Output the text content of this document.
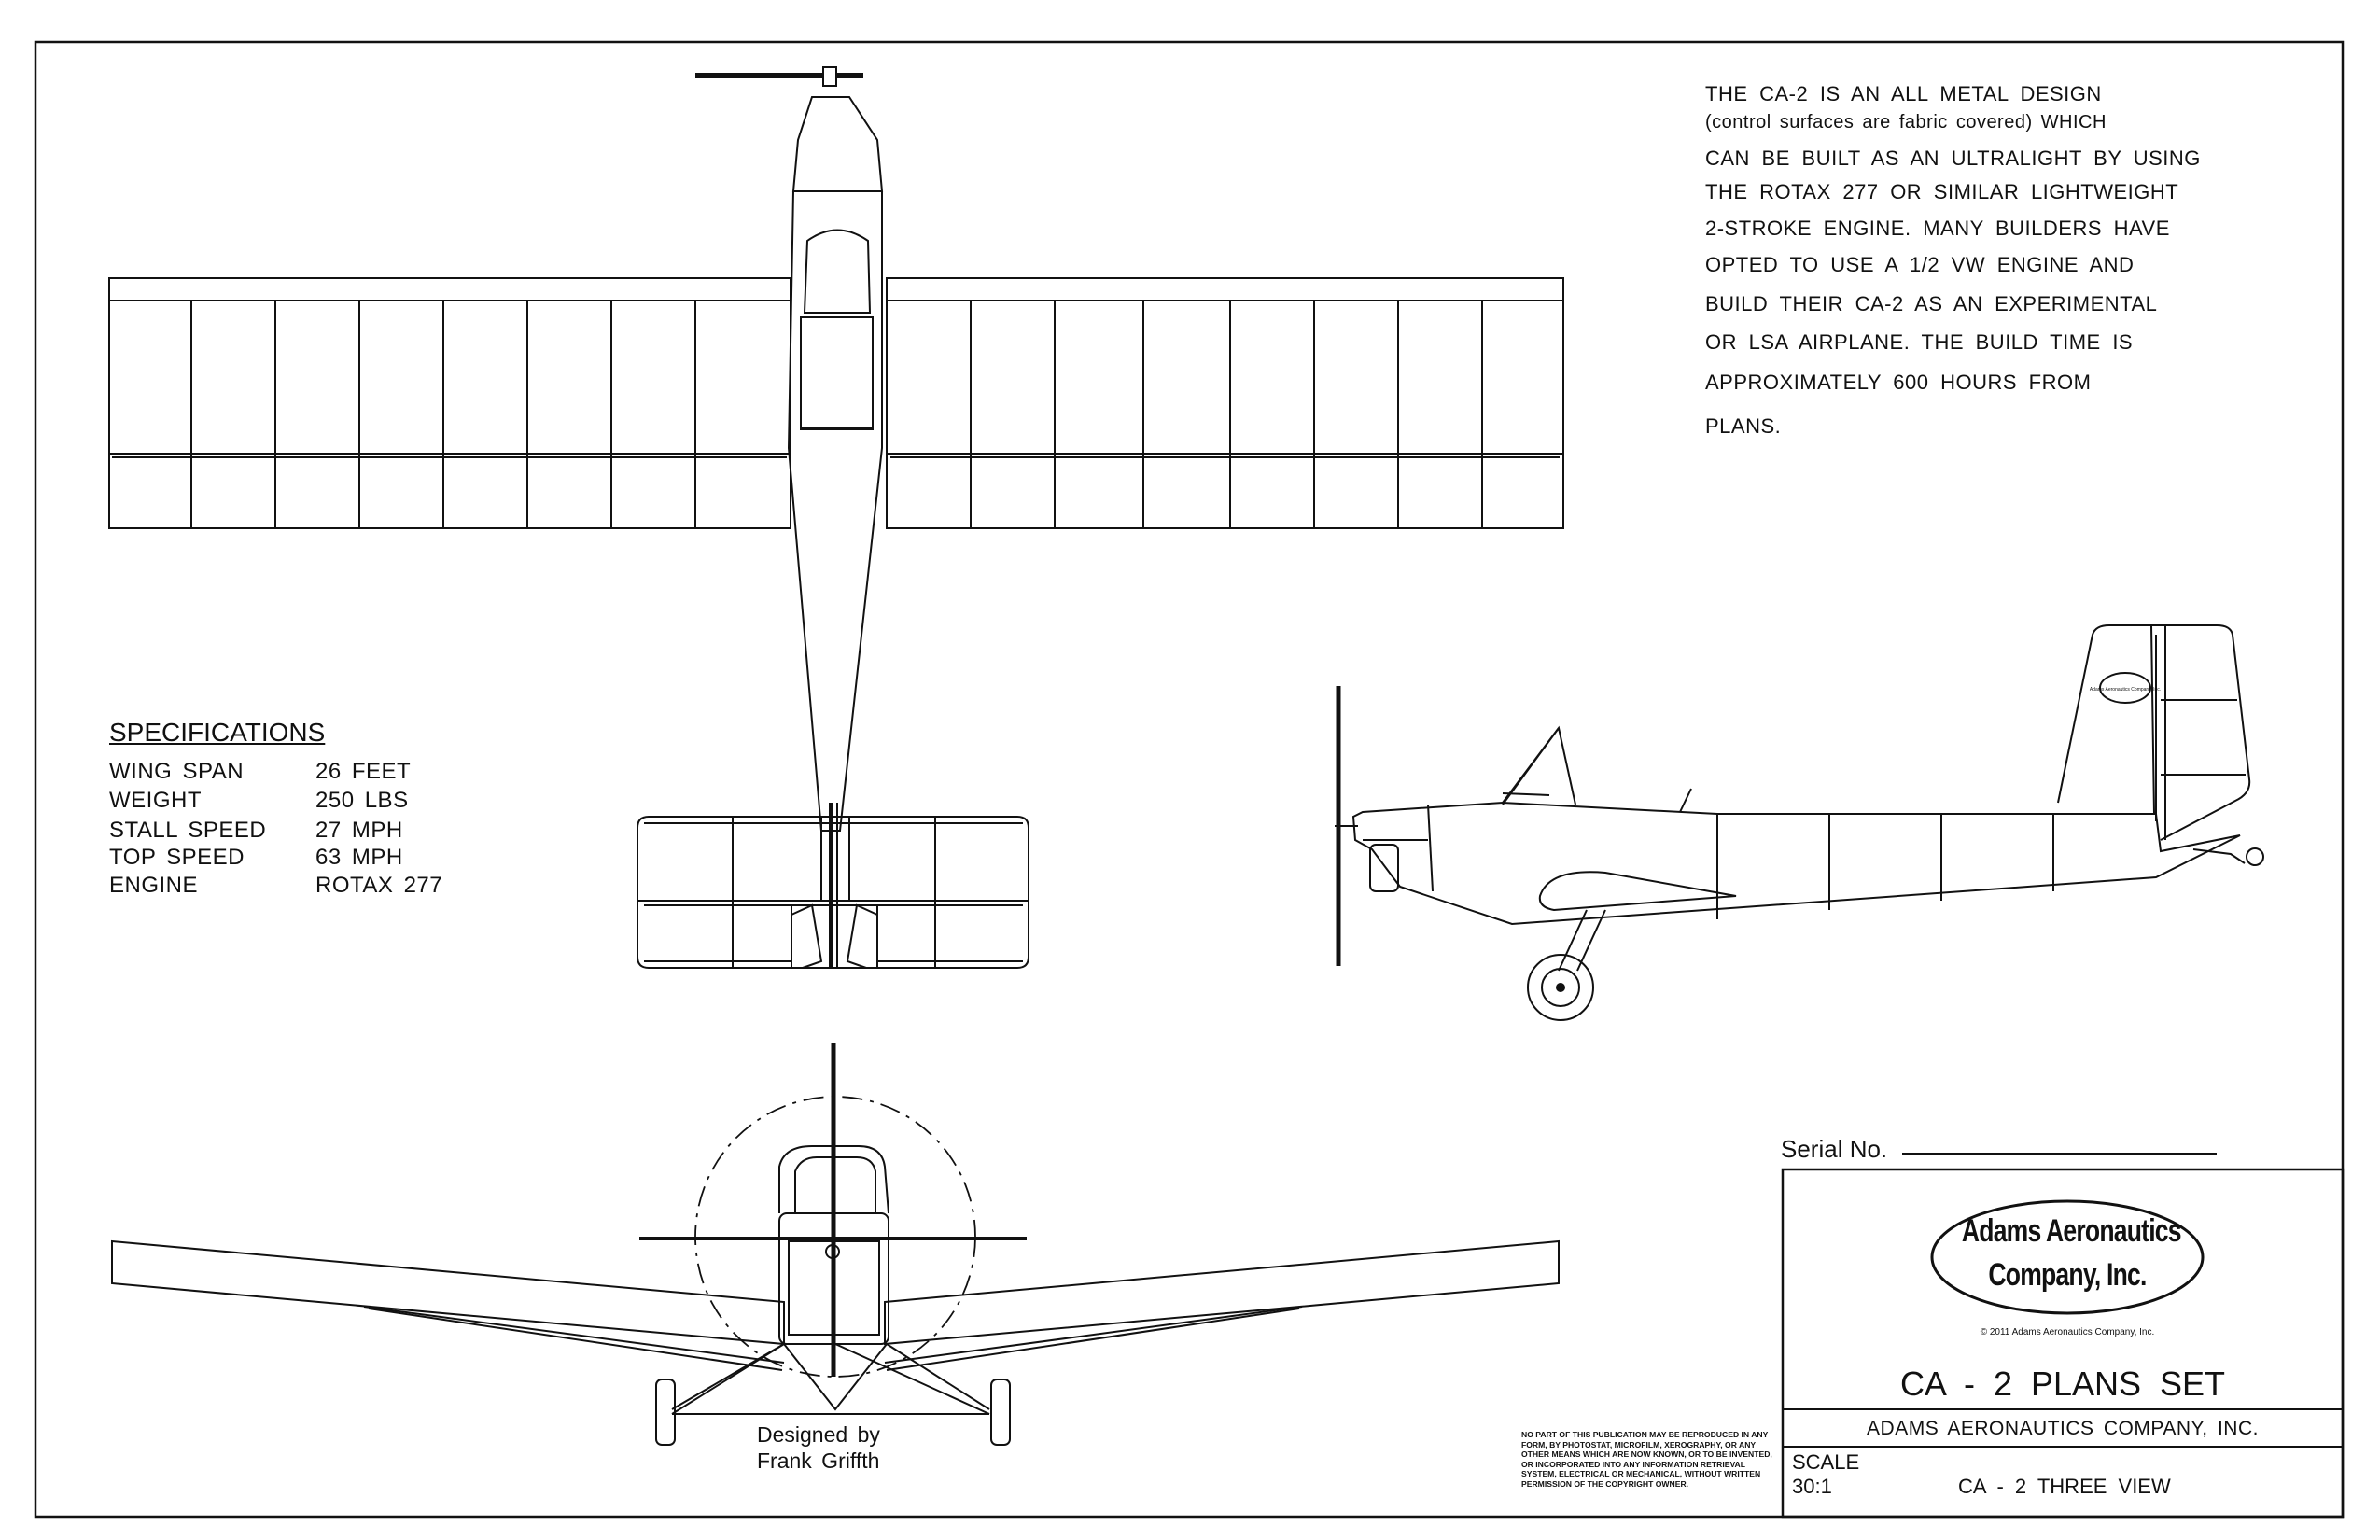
Adams Aeronautics Company, Inc.
THE CA-2 IS AN ALL METAL DESIGN
(control surfaces are fabric covered) WHICH
CAN BE BUILT AS AN ULTRALIGHT BY USING
THE ROTAX 277 OR SIMILAR LIGHTWEIGHT
2-STROKE ENGINE. MANY BUILDERS HAVE
OPTED TO USE A 1/2 VW ENGINE AND
BUILD THEIR CA-2 AS AN EXPERIMENTAL
OR LSA AIRPLANE. THE BUILD TIME IS
APPROXIMATELY 600 HOURS FROM
PLANS.
SPECIFICATIONS
WING SPAN	26 FEET
WEIGHT	250 LBS
STALL SPEED 27 MPH
TOP SPEED	63 MPH
ENGINE	ROTAX 277
Designed by
Frank Griffth
NO PART OF THIS PUBLICATION MAY BE REPRODUCED IN ANY FORM, BY PHOTOSTAT, MICROFILM, XEROGRAPHY, OR ANY OTHER MEANS WHICH ARE NOW KNOWN, OR TO BE INVENTED, OR INCORPORATED INTO ANY INFORMATION RETRIEVAL SYSTEM, ELECTRICAL OR MECHANICAL, WITHOUT WRITTEN PERMISSION OF THE COPYRIGHT OWNER.
Serial No.
Adams Aeronautics
Company, Inc.
© 2011 Adams Aeronautics Company, Inc.
CA - 2 PLANS SET
ADAMS AERONAUTICS COMPANY, INC.
SCALE
30:1	CA - 2 THREE VIEW
